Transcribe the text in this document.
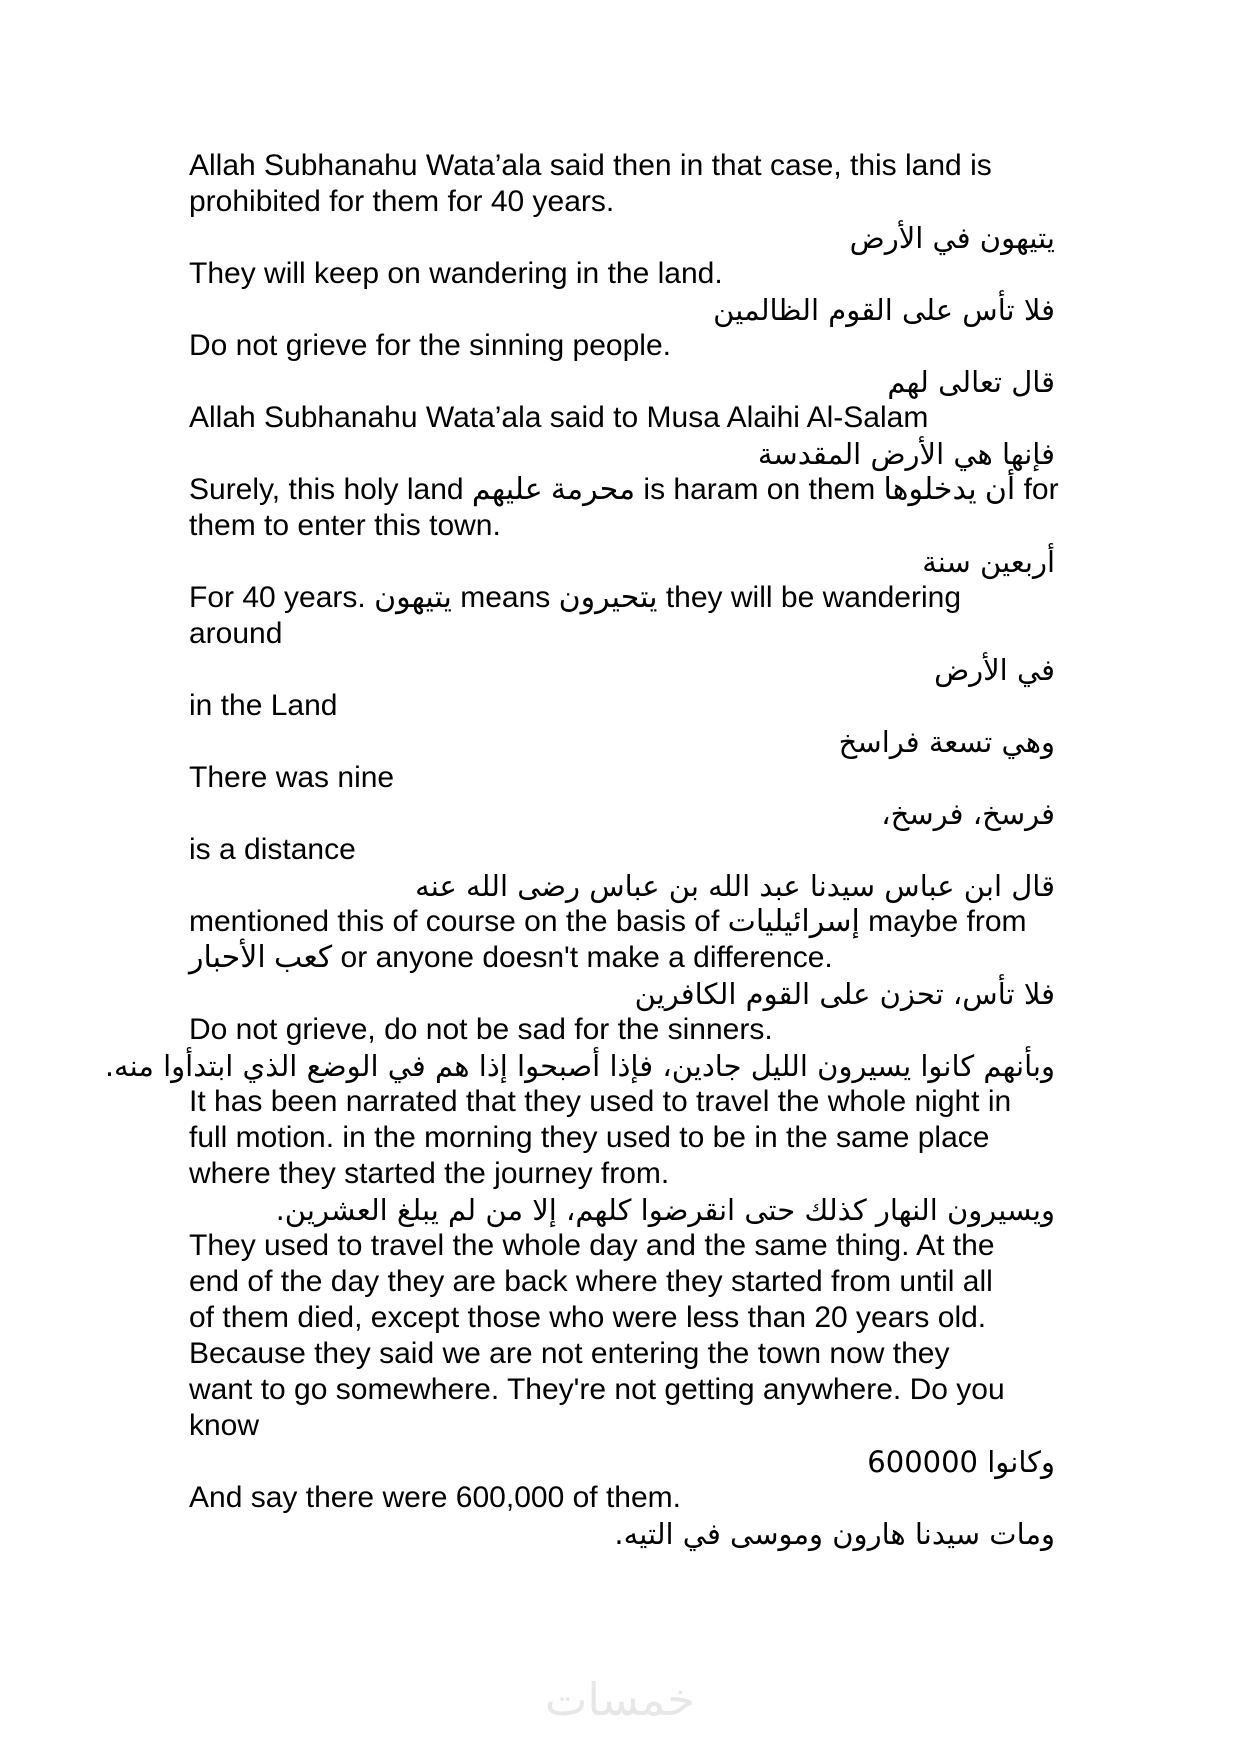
Allah Subhanahu Wata’ala said then in that case, this land is
prohibited for them for 40 years.
يتيهون في الأرض
They will keep on wandering in the land.
فلا تأس على القوم الظالمين
Do not grieve for the sinning people.
قال تعالى لهم
Allah Subhanahu Wata’ala said to Musa Alaihi Al-Salam
فإنها هي الأرض المقدسة
Surely, this holy land محرمة عليهم is haram on them أن يدخلوها for
them to enter this town.
أربعين سنة
For 40 years. يتيهون means يتحيرون they will be wandering
around
في الأرض
in the Land
وهي تسعة فراسخ
There was nine
فرسخ، فرسخ،
is a distance
قال ابن عباس سيدنا عبد الله بن عباس رضى الله عنه
mentioned this of course on the basis of إسرائيليات maybe from
كعب الأحبار or anyone doesn't make a difference.
فلا تأس، تحزن على القوم الكافرين
Do not grieve, do not be sad for the sinners.
وبأنهم كانوا يسيرون الليل جادين، فإذا أصبحوا إذا هم في الوضع الذي ابتدأوا منه.
It has been narrated that they used to travel the whole night in
full motion. in the morning they used to be in the same place
where they started the journey from.
ويسيرون النهار كذلك حتى انقرضوا كلهم، إلا من لم يبلغ العشرين.
They used to travel the whole day and the same thing. At the
end of the day they are back where they started from until all
of them died, except those who were less than 20 years old.
Because they said we are not entering the town now they
want to go somewhere. They're not getting anywhere. Do you
know
وكانوا 600000
And say there were 600,000 of them.
ومات سيدنا هارون وموسى في التيه.
خمسات
